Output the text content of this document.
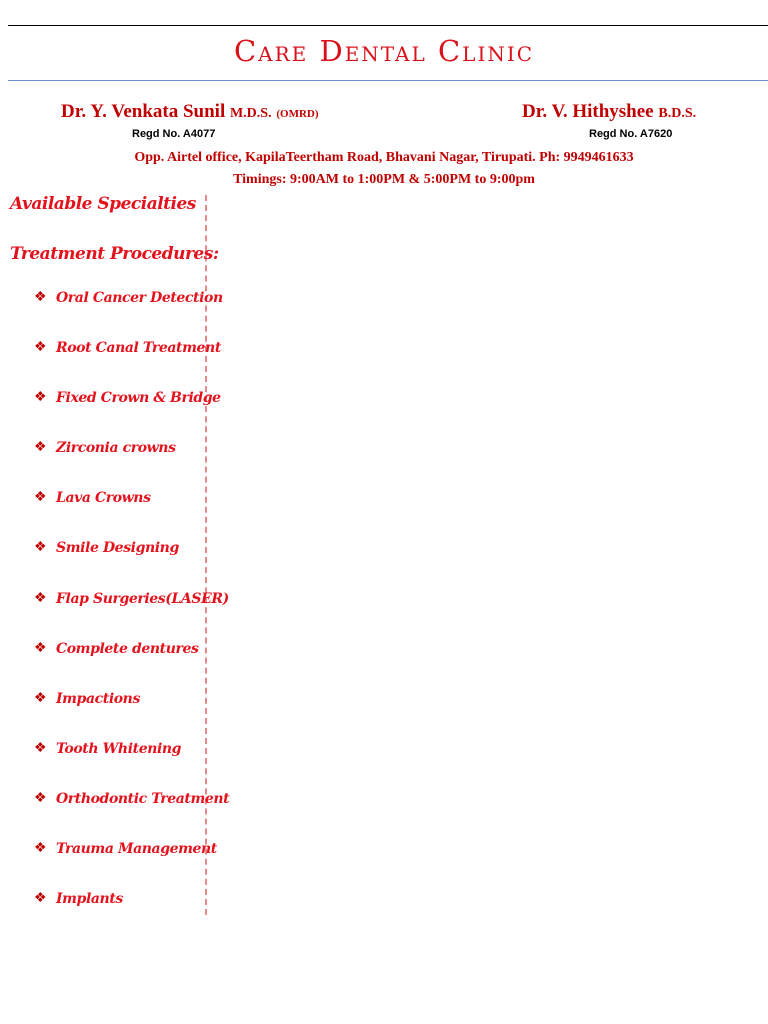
Care Dental Clinic
Dr. Y. Venkata Sunil M.D.S. (OMRD)	Dr. V. Hithyshee B.D.S.
Regd No. A4077	Regd No. A7620
Opp. Airtel office, KapilaTeertham Road, Bhavani Nagar, Tirupati. Ph: 9949461633
Timings: 9:00AM to 1:00PM & 5:00PM to 9:00pm
Available Specialties
Treatment Procedures:
❖ Oral Cancer Detection
❖ Root Canal Treatment
❖ Fixed Crown & Bridge
❖ Zirconia crowns
❖ Lava Crowns
❖ Smile Designing
❖ Flap Surgeries(LASER)
❖ Complete dentures
❖ Impactions
❖ Tooth Whitening
❖ Orthodontic Treatment
❖ Trauma Management
❖ Implants
